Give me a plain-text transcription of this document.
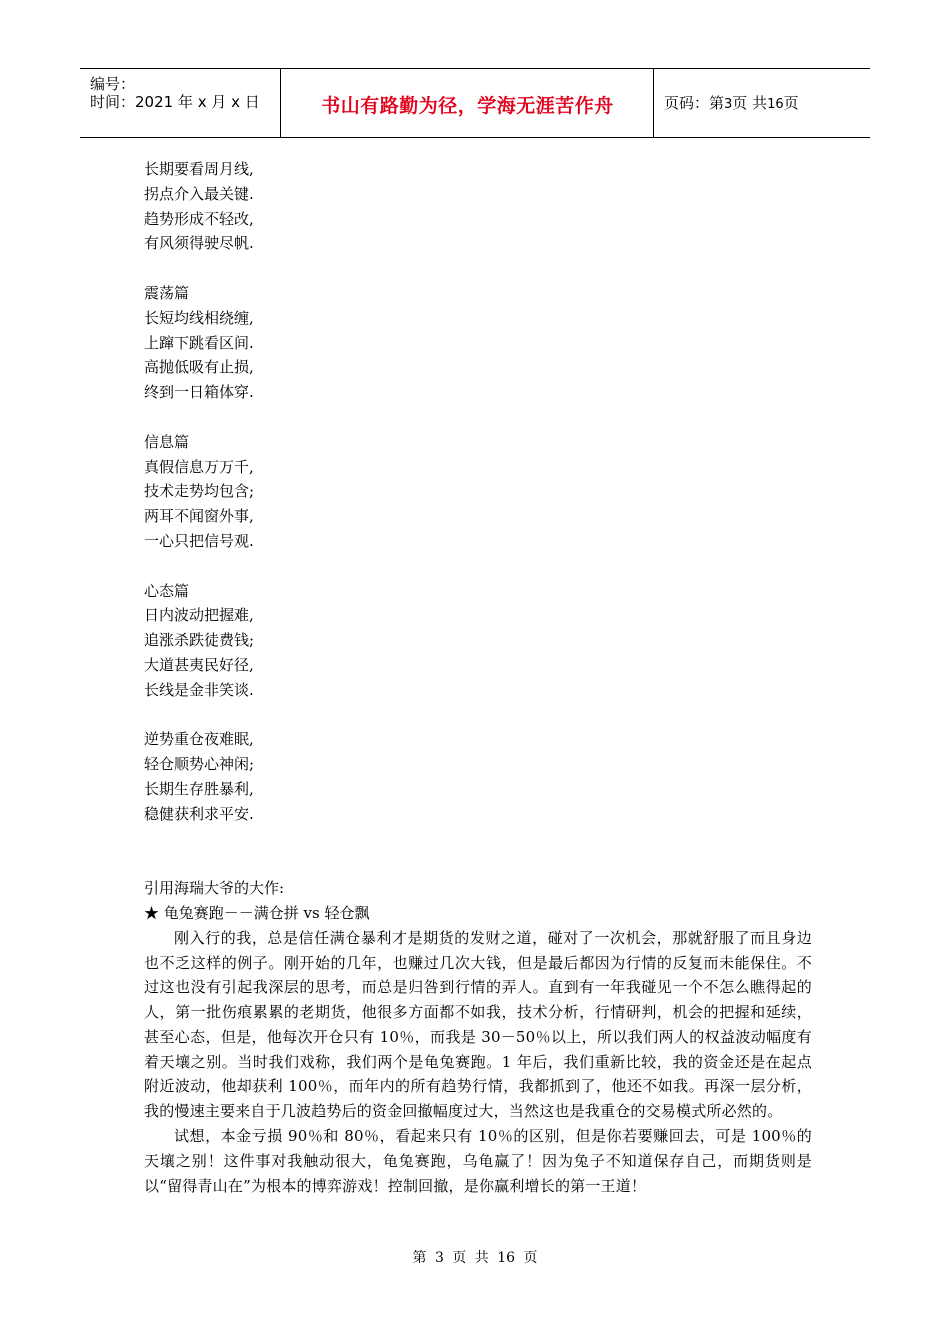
编号：
时间：2021 年 x 月 x 日	书山有路勤为径，学海无涯苦作舟	页码：第3页 共16页
长期要看周月线,
拐点介入最关键.
趋势形成不轻改,
有风须得驶尽帆.
震荡篇
长短均线相绕缠,
上蹿下跳看区间.
高抛低吸有止损,
终到一日箱体穿.
信息篇
真假信息万万千,
技术走势均包含;
两耳不闻窗外事,
一心只把信号观.
心态篇
日内波动把握难,
追涨杀跌徒费钱;
大道甚夷民好径,
长线是金非笑谈.
逆势重仓夜难眠,
轻仓顺势心神闲;
长期生存胜暴利,
稳健获利求平安.
引用海瑞大爷的大作:
★ 龟兔赛跑－－满仓拼 vs 轻仓飘

刚入行的我，总是信任满仓暴利才是期货的发财之道，碰对了一次机会，那就舒服了而且身边也不乏这样的例子。刚开始的几年，也赚过几次大钱，但是最后都因为行情的反复而未能保住。不过这也没有引起我深层的思考，而总是归咎到行情的弄人。直到有一年我碰见一个不怎么瞧得起的人，第一批伤痕累累的老期货，他很多方面都不如我，技术分析，行情研判，机会的把握和延续，甚至心态，但是，他每次开仓只有 10％，而我是 30－50％以上，所以我们两人的权益波动幅度有着天壤之别。当时我们戏称，我们两个是龟兔赛跑。1 年后，我们重新比较，我的资金还是在起点附近波动，他却获利 100％，而年内的所有趋势行情，我都抓到了，他还不如我。再深一层分析，我的慢速主要来自于几波趋势后的资金回撤幅度过大，当然这也是我重仓的交易模式所必然的。

试想，本金亏损 90％和 80％，看起来只有 10％的区别，但是你若要赚回去，可是 100％的天壤之别！这件事对我触动很大，龟兔赛跑，乌龟赢了！因为兔子不知道保存自己，而期货则是以“留得青山在”为根本的博弈游戏！控制回撤，是你赢利增长的第一王道！

第 3 页 共 16 页
